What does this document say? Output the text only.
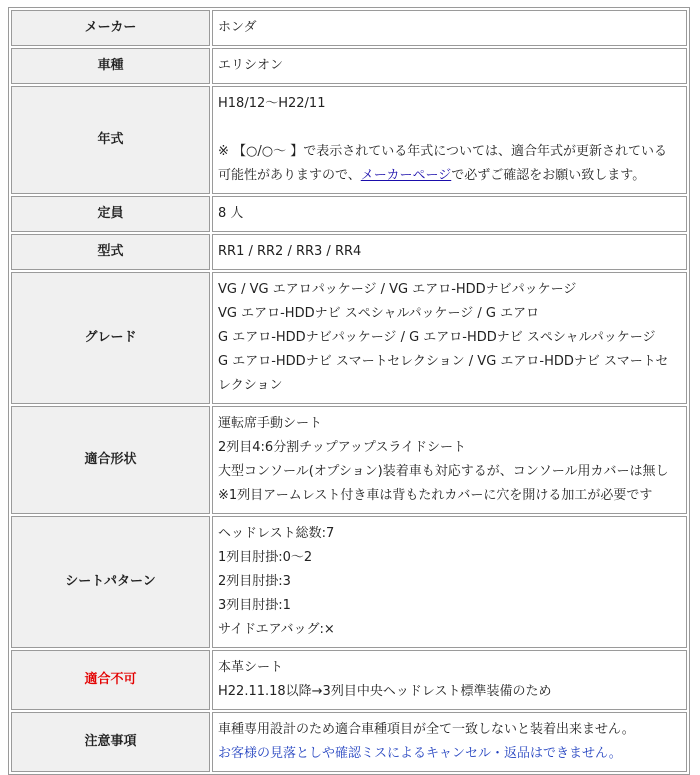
メーカー	ホンダ
車種	エリシオン
年式	H18/12～H22/11
※ 【○/○～ 】で表示されている年式については、適合年式が更新されている
可能性がありますので、メーカーページで必ずご確認をお願い致します。

定員	8 人
型式	RR1 / RR2 / RR3 / RR4
グレード	VG / VG エアロパッケージ / VG エアロ-HDDナビパッケージ
VG エアロ-HDDナビ スペシャルパッケージ / G エアロ
G エアロ-HDDナビパッケージ / G エアロ-HDDナビ スペシャルパッケージ
G エアロ-HDDナビ スマートセレクション / VG エアロ-HDDナビ スマートセ
レクション

適合形状	運転席手動シート
2列目4:6分割チップアップスライドシート
大型コンソール(オプション)装着車も対応するが、コンソール用カバーは無し
※1列目アームレスト付き車は背もたれカバーに穴を開ける加工が必要です

シートパターン	ヘッドレスト総数:7
1列目肘掛:0～2
2列目肘掛:3
3列目肘掛:1
サイドエアバッグ:×

適合不可	本革シート
H22.11.18以降→3列目中央ヘッドレスト標準装備のため

注意事項	車種専用設計のため適合車種項目が全て一致しないと装着出来ません。
お客様の見落としや確認ミスによるキャンセル・返品はできません。
